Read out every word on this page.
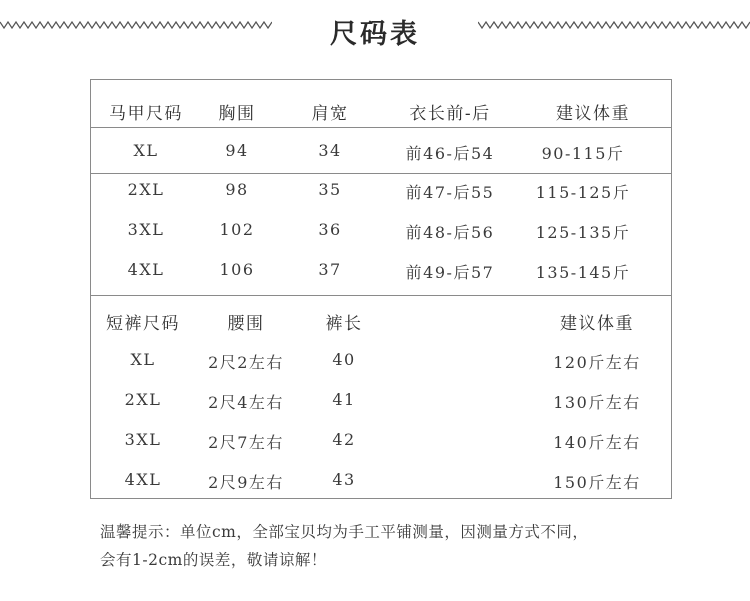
尺码表
马甲尺码 胸围	肩宽	衣长前-后	建议体重
XL	94	34	前46-后54	90-115斤
2XL	98	35	前47-后55	115-125斤
3XL	102	36	前48-后56	125-135斤
4XL	106	37	前49-后57	135-145斤
短裤尺码	腰围	裤长	建议体重
XL	2尺2左右	40	120斤左右
2XL	2尺4左右	41	130斤左右
3XL	2尺7左右	42	140斤左右
4XL	2尺9左右	43	150斤左右
温馨提示：单位cm，全部宝贝均为手工平铺测量，因测量方式不同，
会有1-2cm的误差，敬请谅解！
